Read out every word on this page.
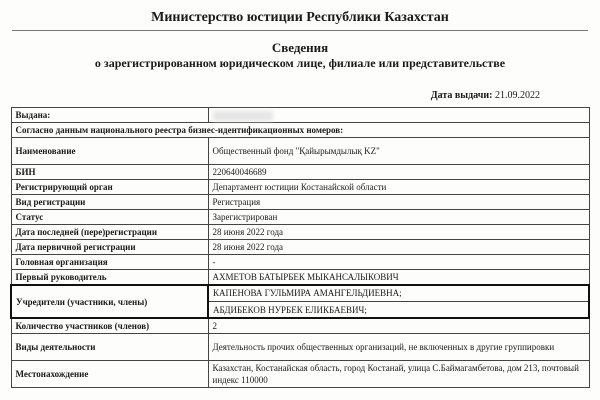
Министерство юстиции Республики Казахстан
Сведения
о зарегистрированном юридическом лице, филиале или представительстве
Дата выдачи: 21.09.2022
Выдана:	
Согласно данным национального реестра бизнес-идентификационных номеров:	
Наименование	Общественный фонд "Қайырымдылық KZ"
БИН	220640046689
Регистрирующий орган	Департамент юстиции Костанайской области
Вид регистрации	Регистрация
Статус	Зарегистрирован
Дата последней (пере)регистрации	28 июня 2022 года
Дата первичной регистрации	28 июня 2022 года
Головная организация	-
Первый руководитель	АХМЕТОВ БАТЫРБЕК МЫКАНСАЛЫКОВИЧ
Учредители (участники, члены)	КАПЕНОВА ГУЛЬМИРА АМАНГЕЛЬДИЕВНА;
АБДИБЕКОВ НУРБЕК ЕЛИКБАЕВИЧ;

Количество участников (членов)	2
Виды деятельности	Деятельность прочих общественных организаций, не включенных в другие группировки
Местонахождение	Казахстан, Костанайская область, город Костанай, улица С.Баймагамбетова, дом 213, почтовый индекс 110000
